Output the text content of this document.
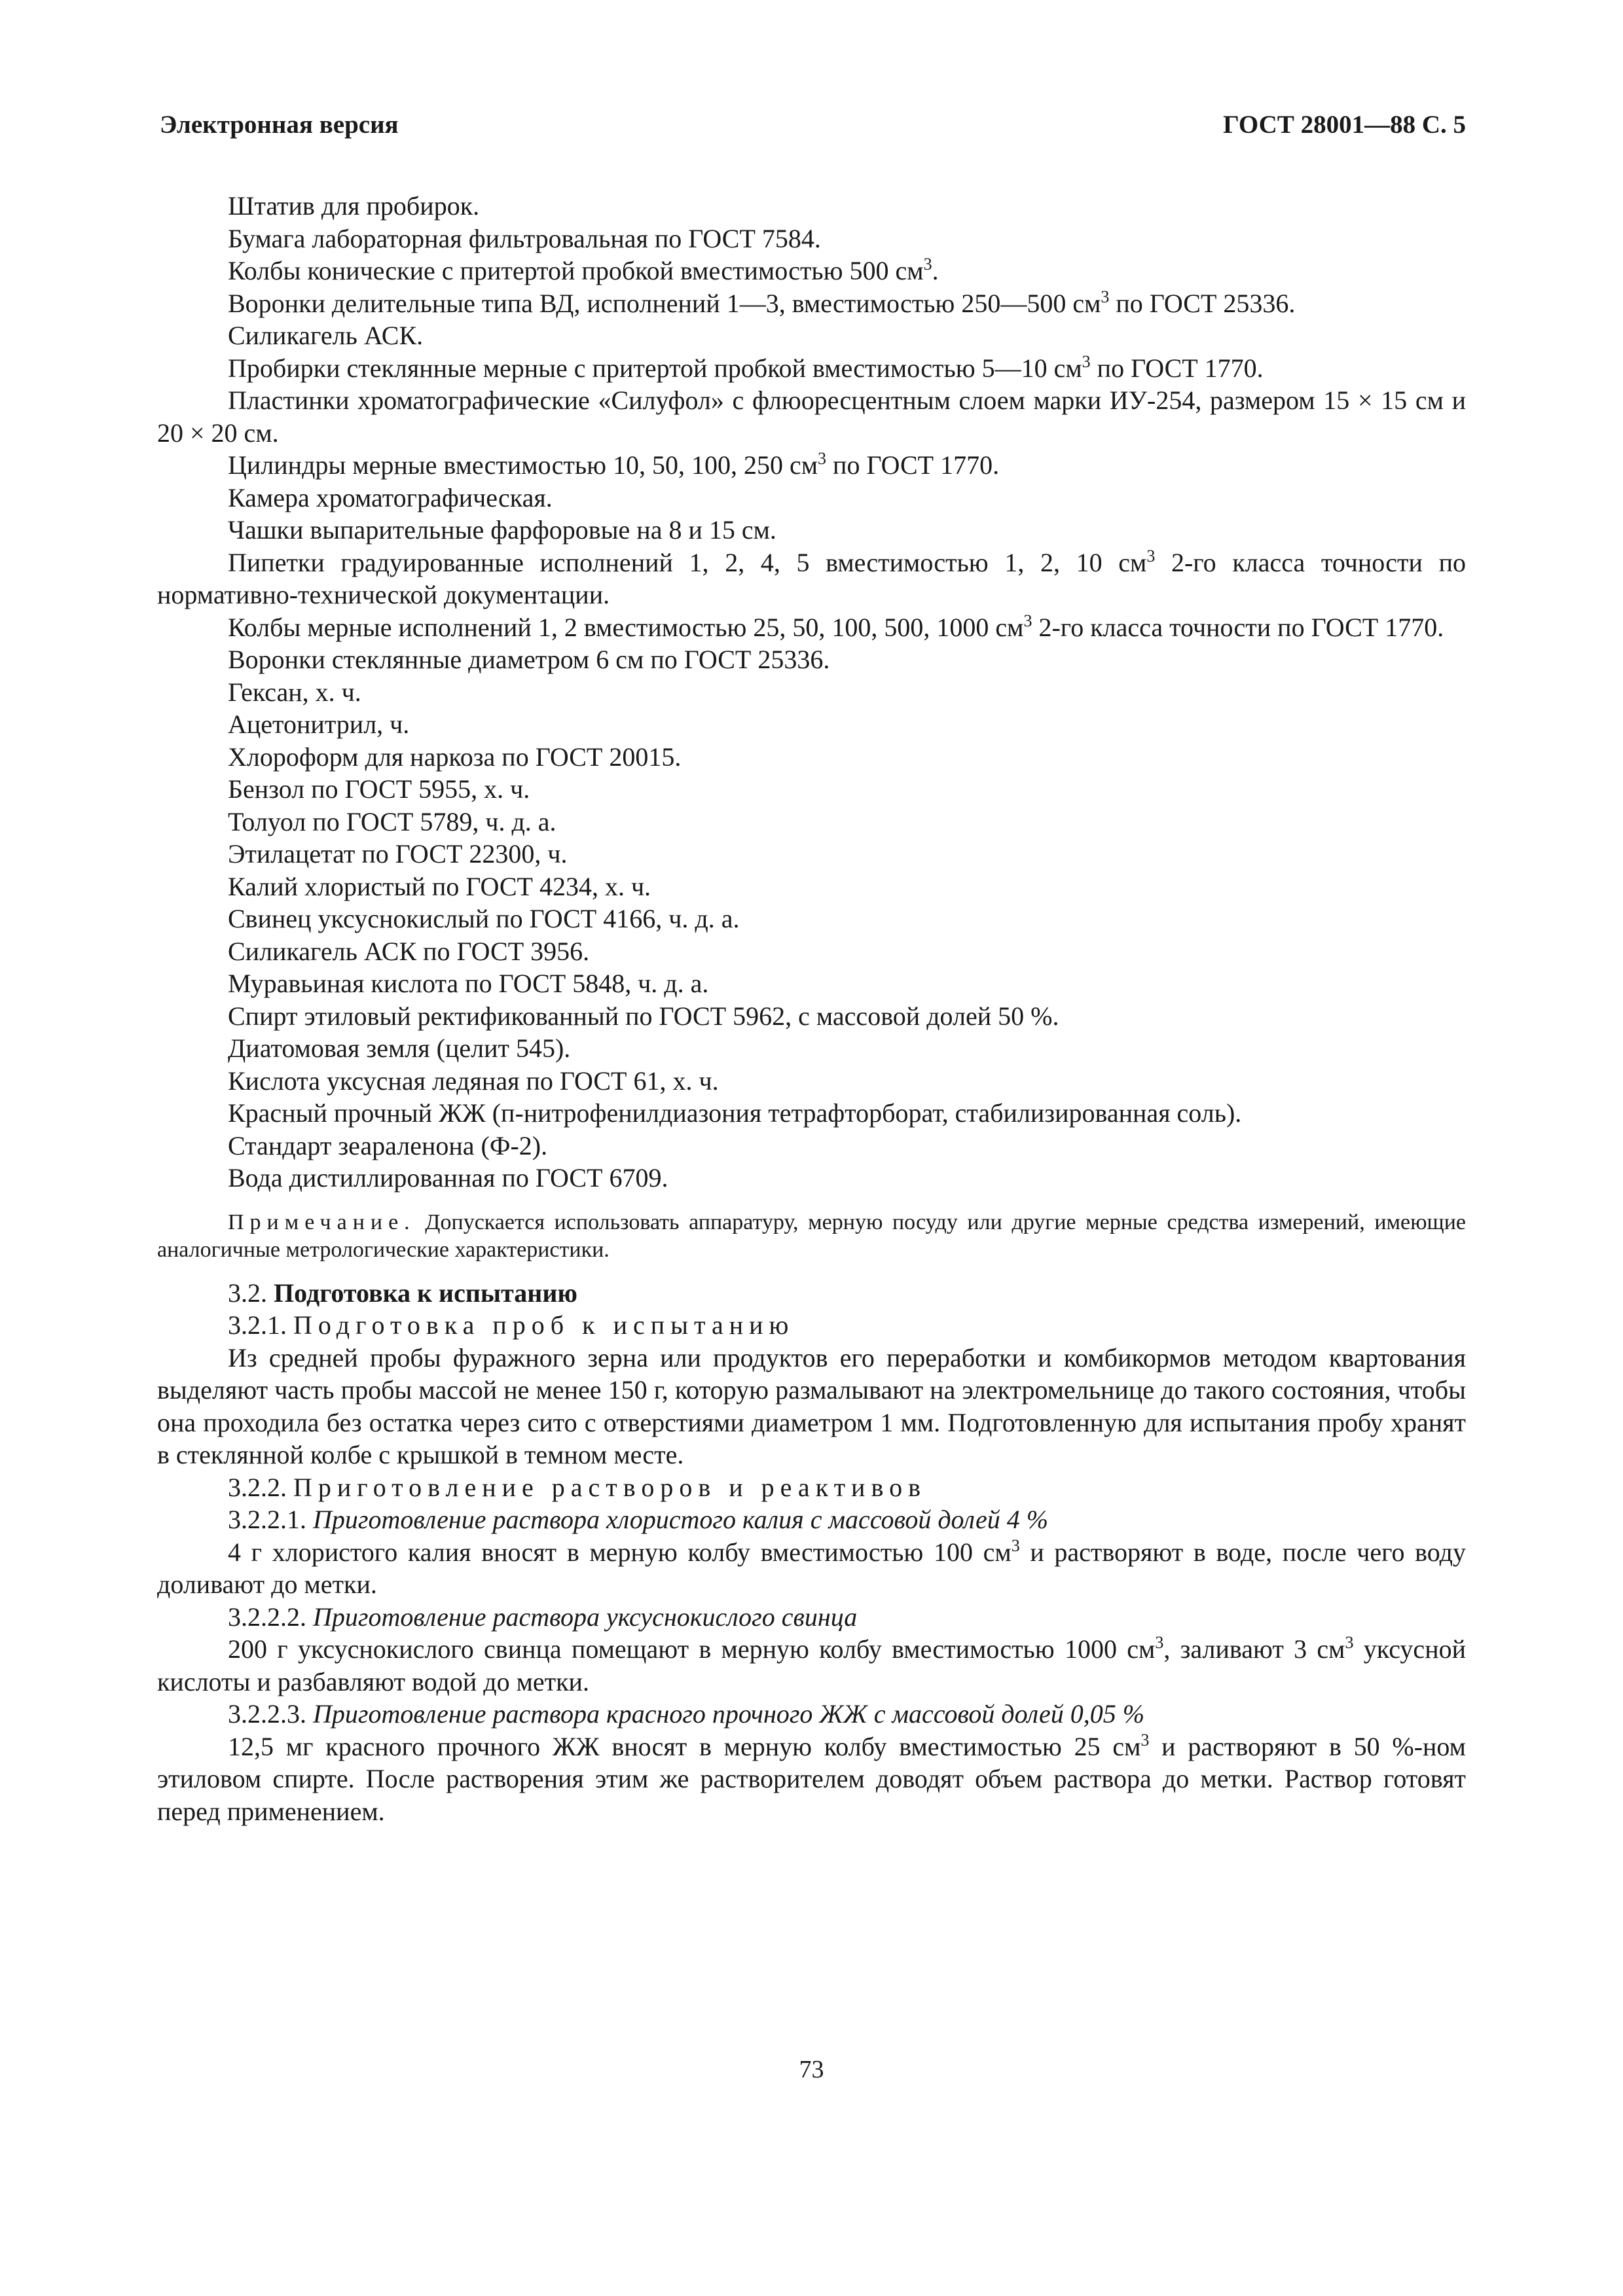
Электронная версия	ГОСТ 28001—88 С. 5

Штатив для пробирок.

Бумага лабораторная фильтровальная по ГОСТ 7584.

Колбы конические с притертой пробкой вместимостью 500 $см^3$.

Воронки делительные типа ВД, исполнений 1—3, вместимостью 250—500 $см^3$ по ГОСТ 25336.

Силикагель АСК.

Пробирки стеклянные мерные с притертой пробкой вместимостью 5—10 $см^3$ по ГОСТ 1770.

Пластинки хроматографические «Силуфол» с флюоресцентным слоем марки ИУ-254, размером 15 × 15 см и 20 × 20 см.

Цилиндры мерные вместимостью 10, 50, 100, 250 $см^3$ по ГОСТ 1770.

Камера хроматографическая.

Чашки выпарительные фарфоровые на 8 и 15 см.

Пипетки градуированные исполнений 1, 2, 4, 5 вместимостью 1, 2, 10 $см^3$ 2-го класса точности по нормативно-технической документации.

Колбы мерные исполнений 1, 2 вместимостью 25, 50, 100, 500, 1000 $см^3$ 2-го класса точности по ГОСТ 1770.

Воронки стеклянные диаметром 6 см по ГОСТ 25336.

Гексан, х. ч.

Ацетонитрил, ч.

Хлороформ для наркоза по ГОСТ 20015.

Бензол по ГОСТ 5955, х. ч.

Толуол по ГОСТ 5789, ч. д. а.

Этилацетат по ГОСТ 22300, ч.

Калий хлористый по ГОСТ 4234, х. ч.

Свинец уксуснокислый по ГОСТ 4166, ч. д. а.

Силикагель АСК по ГОСТ 3956.

Муравьиная кислота по ГОСТ 5848, ч. д. а.

Спирт этиловый ректификованный по ГОСТ 5962, с массовой долей 50 %.

Диатомовая земля (целит 545).

Кислота уксусная ледяная по ГОСТ 61, х. ч.

Красный прочный ЖЖ (п-нитрофенилдиазония тетрафторборат, стабилизированная соль).

Стандарт зеараленона (Ф-2).

Вода дистиллированная по ГОСТ 6709.

Примечание. Допускается использовать аппаратуру, мерную посуду или другие мерные средства измерений, имеющие аналогичные метрологические характеристики.

3.2. Подготовка к испытанию

3.2.1. Подготовка проб к испытанию

Из средней пробы фуражного зерна или продуктов его переработки и комбикормов методом квартования выделяют часть пробы массой не менее 150 г, которую размалывают на электромельнице до такого состояния, чтобы она проходила без остатка через сито с отверстиями диаметром 1 мм. Подготовленную для испытания пробу хранят в стеклянной колбе с крышкой в темном месте.

3.2.2. Приготовление растворов и реактивов

3.2.2.1. Приготовление раствора хлористого калия с массовой долей 4 %

4 г хлористого калия вносят в мерную колбу вместимостью 100 $см^3$ и растворяют в воде, после чего воду доливают до метки.

3.2.2.2. Приготовление раствора уксуснокислого свинца

200 г уксуснокислого свинца помещают в мерную колбу вместимостью 1000 $см^3$, заливают 3 $см^3$ уксусной кислоты и разбавляют водой до метки.

3.2.2.3. Приготовление раствора красного прочного ЖЖ с массовой долей 0,05 %

12,5 мг красного прочного ЖЖ вносят в мерную колбу вместимостью 25 $см^3$ и растворяют в 50 %-ном этиловом спирте. После растворения этим же растворителем доводят объем раствора до метки. Раствор готовят перед применением.

73
